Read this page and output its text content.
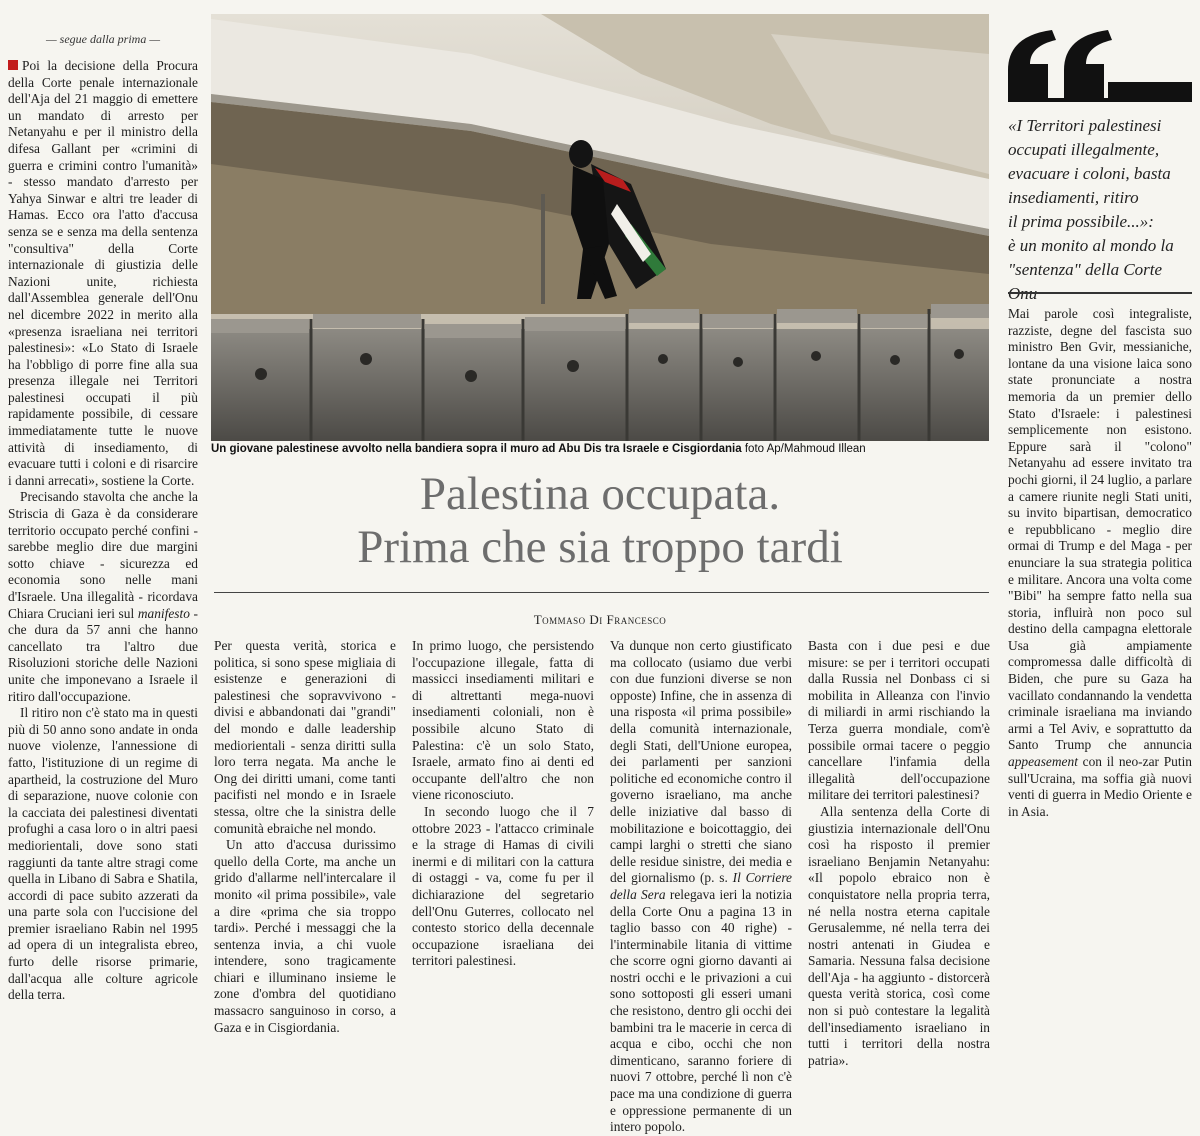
— segue dalla prima —

Poi la decisione della Procura della Corte penale internazionale dell'Aja del 21 maggio di emettere un mandato di arresto per Netanyahu e per il ministro della difesa Gallant per «crimini di guerra e crimini contro l'umanità» - stesso mandato d'arresto per Yahya Sinwar e altri tre leader di Hamas. Ecco ora l'atto d'accusa senza se e senza ma della sentenza "consultiva" della Corte internazionale di giustizia delle Nazioni unite, richiesta dall'Assemblea generale dell'Onu nel dicembre 2022 in merito alla «presenza israeliana nei territori palestinesi»: «Lo Stato di Israele ha l'obbligo di porre fine alla sua presenza illegale nei Territori palestinesi occupati il più rapidamente possibile, di cessare immediatamente tutte le nuove attività di insediamento, di evacuare tutti i coloni e di risarcire i danni arrecati», sostiene la Corte.

Precisando stavolta che anche la Striscia di Gaza è da considerare territorio occupato perché confini - sarebbe meglio dire due margini sotto chiave - sicurezza ed economia sono nelle mani d'Israele. Una illegalità - ricordava Chiara Cruciani ieri sul manifesto - che dura da 57 anni che hanno cancellato tra l'altro due Risoluzioni storiche delle Nazioni unite che imponevano a Israele il ritiro dall'occupazione.

Il ritiro non c'è stato ma in questi più di 50 anno sono andate in onda nuove violenze, l'annessione di fatto, l'istituzione di un regime di apartheid, la costruzione del Muro di separazione, nuove colonie con la cacciata dei palestinesi diventati profughi a casa loro o in altri paesi mediorientali, dove sono stati raggiunti da tante altre stragi come quella in Libano di Sabra e Shatila, accordi di pace subito azzerati da una parte sola con l'uccisione del premier israeliano Rabin nel 1995 ad opera di un integralista ebreo, furto delle risorse primarie, dall'acqua alle colture agricole della terra.

Un giovane palestinese avvolto nella bandiera sopra il muro ad Abu Dis tra Israele e Cisgiordania foto Ap/Mahmoud Illean
Palestina occupata.
Prima che sia troppo tardi
Tommaso Di Francesco

Per questa verità, storica e politica, si sono spese migliaia di esistenze e generazioni di palestinesi che sopravvivono - divisi e abbandonati dai "grandi" del mondo e dalle leadership mediorientali - senza diritti sulla loro terra negata. Ma anche le Ong dei diritti umani, come tanti pacifisti nel mondo e in Israele stessa, oltre che la sinistra delle comunità ebraiche nel mondo.

Un atto d'accusa durissimo quello della Corte, ma anche un grido d'allarme nell'intercalare il monito «il prima possibile», vale a dire «prima che sia troppo tardi». Perché i messaggi che la sentenza invia, a chi vuole intendere, sono tragicamente chiari e illuminano insieme le zone d'ombra del quotidiano massacro sanguinoso in corso, a Gaza e in Cisgiordania.

In primo luogo, che persistendo l'occupazione illegale, fatta di massicci insediamenti militari e di altrettanti mega-nuovi insediamenti coloniali, non è possibile alcuno Stato di Palestina: c'è un solo Stato, Israele, armato fino ai denti ed occupante dell'altro che non viene riconosciuto.

In secondo luogo che il 7 ottobre 2023 - l'attacco criminale e la strage di Hamas di civili inermi e di militari con la cattura di ostaggi - va, come fu per il dichiarazione del segretario dell'Onu Guterres, collocato nel contesto storico della decennale occupazione israeliana dei territori palestinesi.

Va dunque non certo giustificato ma collocato (usiamo due verbi con due funzioni diverse se non opposte) Infine, che in assenza di una risposta «il prima possibile» della comunità internazionale, degli Stati, dell'Unione europea, dei parlamenti per sanzioni politiche ed economiche contro il governo israeliano, ma anche delle iniziative dal basso di mobilitazione e boicottaggio, dei campi larghi o stretti che siano delle residue sinistre, dei media e del giornalismo (p. s. Il Corriere della Sera relegava ieri la notizia della Corte Onu a pagina 13 in taglio basso con 40 righe) - l'interminabile litania di vittime che scorre ogni giorno davanti ai nostri occhi e le privazioni a cui sono sottoposti gli esseri umani che resistono, dentro gli occhi dei bambini tra le macerie in cerca di acqua e cibo, occhi che non dimenticano, saranno foriere di nuovi 7 ottobre, perché lì non c'è pace ma una condizione di guerra e oppressione permanente di un intero popolo.

Basta con i due pesi e due misure: se per i territori occupati dalla Russia nel Donbass ci si mobilita in Alleanza con l'invio di miliardi in armi rischiando la Terza guerra mondiale, com'è possibile ormai tacere o peggio cancellare l'infamia della illegalità dell'occupazione militare dei territori palestinesi?

Alla sentenza della Corte di giustizia internazionale dell'Onu così ha risposto il premier israeliano Benjamin Netanyahu: «Il popolo ebraico non è conquistatore nella propria terra, né nella nostra eterna capitale Gerusalemme, né nella terra dei nostri antenati in Giudea e Samaria. Nessuna falsa decisione dell'Aja - ha aggiunto - distorcerà questa verità storica, così come non si può contestare la legalità dell'insediamento israeliano in tutti i territori della nostra patria».

«I Territori palestinesi
occupati illegalmente,
evacuare i coloni, basta
insediamenti, ritiro
il prima possibile...»:
è un monito al mondo la
"sentenza" della Corte

Mai parole così integraliste, razziste, degne del fascista suo ministro Ben Gvir, messianiche, lontane da una visione laica sono state pronunciate a nostra memoria da un premier dello Stato d'Israele: i palestinesi semplicemente non esistono. Eppure sarà il "colono" Netanyahu ad essere invitato tra pochi giorni, il 24 luglio, a parlare a camere riunite negli Stati uniti, su invito bipartisan, democratico e repubblicano - meglio dire ormai di Trump e del Maga - per enunciare la sua strategia politica e militare. Ancora una volta come "Bibi" ha sempre fatto nella sua storia, influirà non poco sul destino della campagna elettorale Usa già ampiamente compromessa dalle difficoltà di Biden, che pure su Gaza ha vacillato condannando la vendetta criminale israeliana ma inviando armi a Tel Aviv, e soprattutto da Santo Trump che annuncia appeasement con il neo-zar Putin sull'Ucraina, ma soffia già nuovi venti di guerra in Medio Oriente e in Asia.
